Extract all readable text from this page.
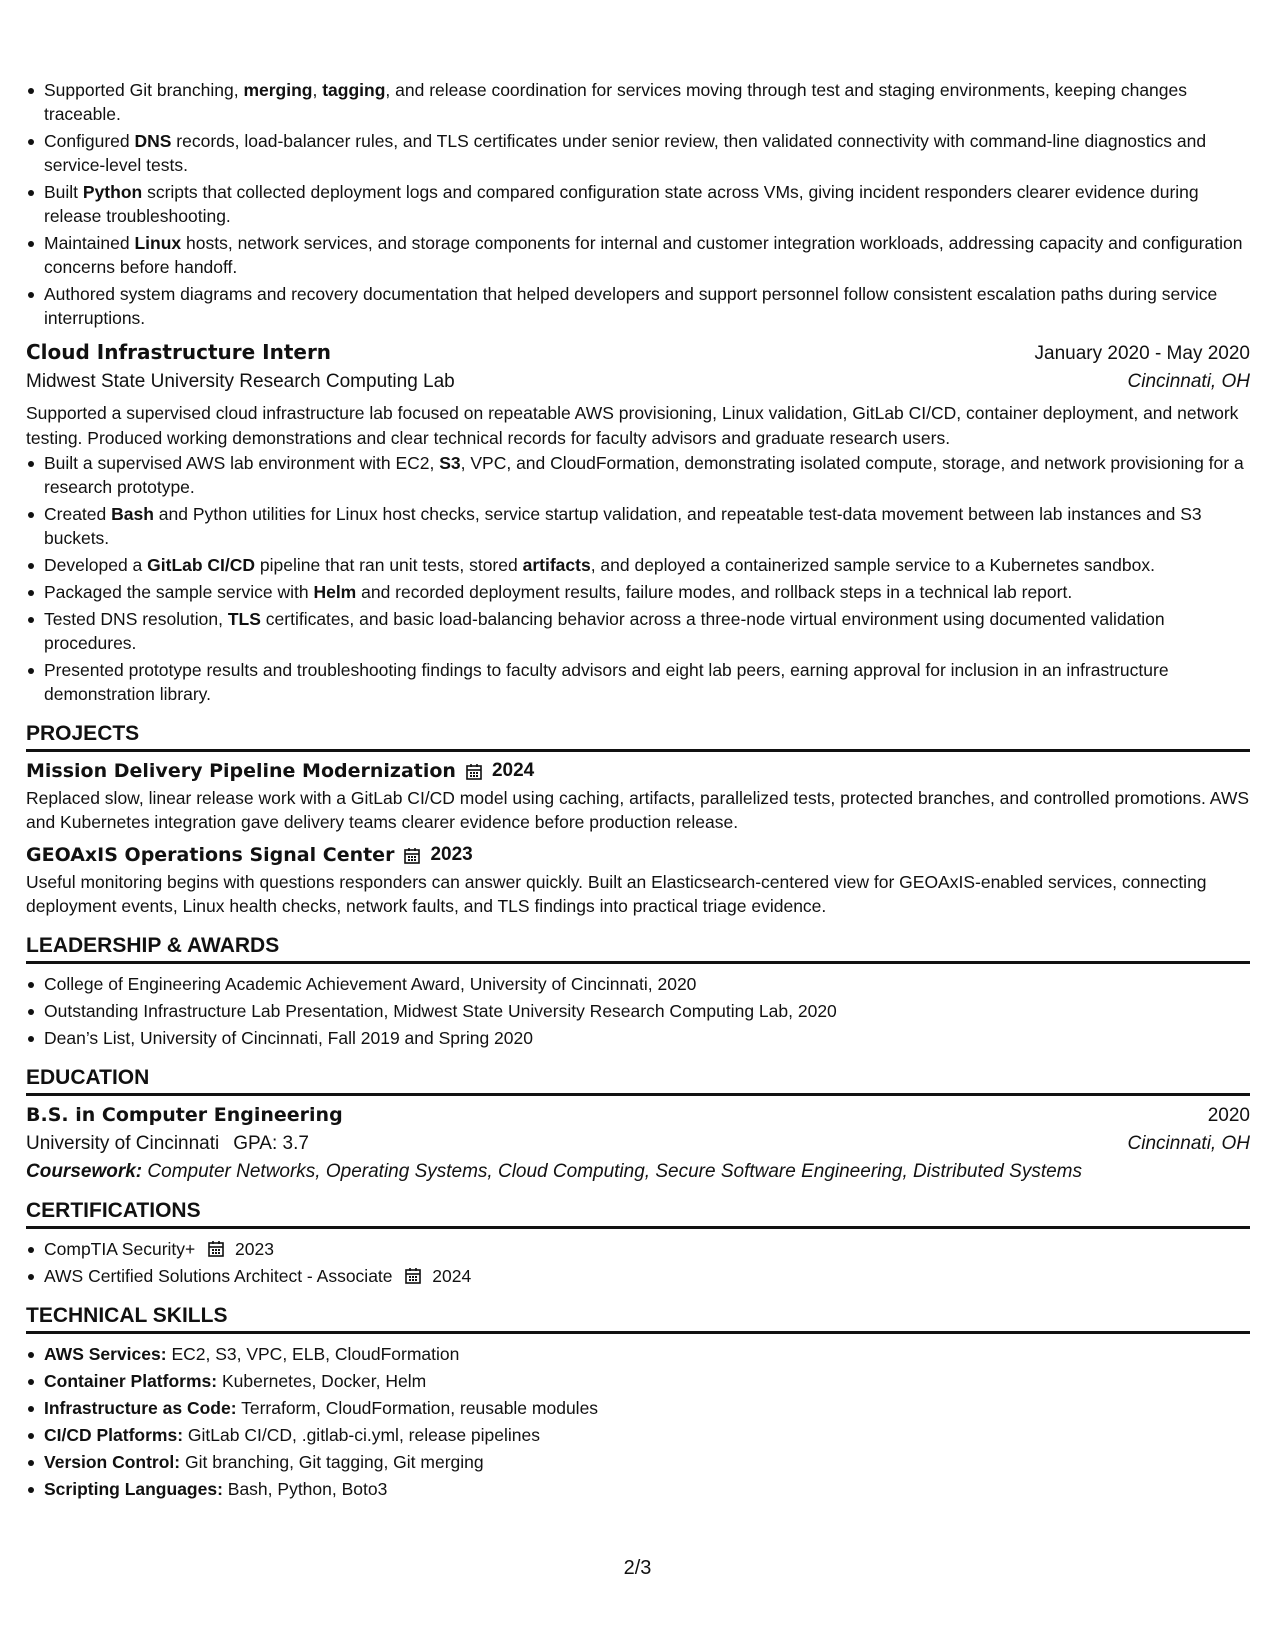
Supported Git branching, merging, tagging, and release coordination for services moving through test and staging environments, keeping changes traceable.
Configured DNS records, load-balancer rules, and TLS certificates under senior review, then validated connectivity with command-line diagnostics and service-level tests.
Built Python scripts that collected deployment logs and compared configuration state across VMs, giving incident responders clearer evidence during release troubleshooting.
Maintained Linux hosts, network services, and storage components for internal and customer integration workloads, addressing capacity and configuration concerns before handoff.
Authored system diagrams and recovery documentation that helped developers and support personnel follow consistent escalation paths during service interruptions.
Cloud Infrastructure Intern	January 2020 - May 2020
Midwest State University Research Computing Lab	Cincinnati, OH
Supported a supervised cloud infrastructure lab focused on repeatable AWS provisioning, Linux validation, GitLab CI/CD, container deployment, and network testing. Produced working demonstrations and clear technical records for faculty advisors and graduate research users.
Built a supervised AWS lab environment with EC2, S3, VPC, and CloudFormation, demonstrating isolated compute, storage, and network provisioning for a research prototype.
Created Bash and Python utilities for Linux host checks, service startup validation, and repeatable test-data movement between lab instances and S3 buckets.
Developed a GitLab CI/CD pipeline that ran unit tests, stored artifacts, and deployed a containerized sample service to a Kubernetes sandbox.
Packaged the sample service with Helm and recorded deployment results, failure modes, and rollback steps in a technical lab report.
Tested DNS resolution, TLS certificates, and basic load-balancing behavior across a three-node virtual environment using documented validation procedures.
Presented prototype results and troubleshooting findings to faculty advisors and eight lab peers, earning approval for inclusion in an infrastructure demonstration library.
PROJECTS
Mission Delivery Pipeline Modernization 2024
Replaced slow, linear release work with a GitLab CI/CD model using caching, artifacts, parallelized tests, protected branches, and controlled promotions. AWS and Kubernetes integration gave delivery teams clearer evidence before production release.
GEOAxIS Operations Signal Center 2023
Useful monitoring begins with questions responders can answer quickly. Built an Elasticsearch-centered view for GEOAxIS-enabled services, connecting deployment events, Linux health checks, network faults, and TLS findings into practical triage evidence.
LEADERSHIP & AWARDS
College of Engineering Academic Achievement Award, University of Cincinnati, 2020
Outstanding Infrastructure Lab Presentation, Midwest State University Research Computing Lab, 2020
Dean’s List, University of Cincinnati, Fall 2019 and Spring 2020
EDUCATION
B.S. in Computer Engineering	2020
University of Cincinnati GPA: 3.7	Cincinnati, OH
Coursework: Computer Networks, Operating Systems, Cloud Computing, Secure Software Engineering, Distributed Systems
CERTIFICATIONS
CompTIA Security+ 2023
AWS Certified Solutions Architect - Associate 2024
TECHNICAL SKILLS
AWS Services: EC2, S3, VPC, ELB, CloudFormation
Container Platforms: Kubernetes, Docker, Helm
Infrastructure as Code: Terraform, CloudFormation, reusable modules
CI/CD Platforms: GitLab CI/CD, .gitlab-ci.yml, release pipelines
Version Control: Git branching, Git tagging, Git merging
Scripting Languages: Bash, Python, Boto3
2/3
